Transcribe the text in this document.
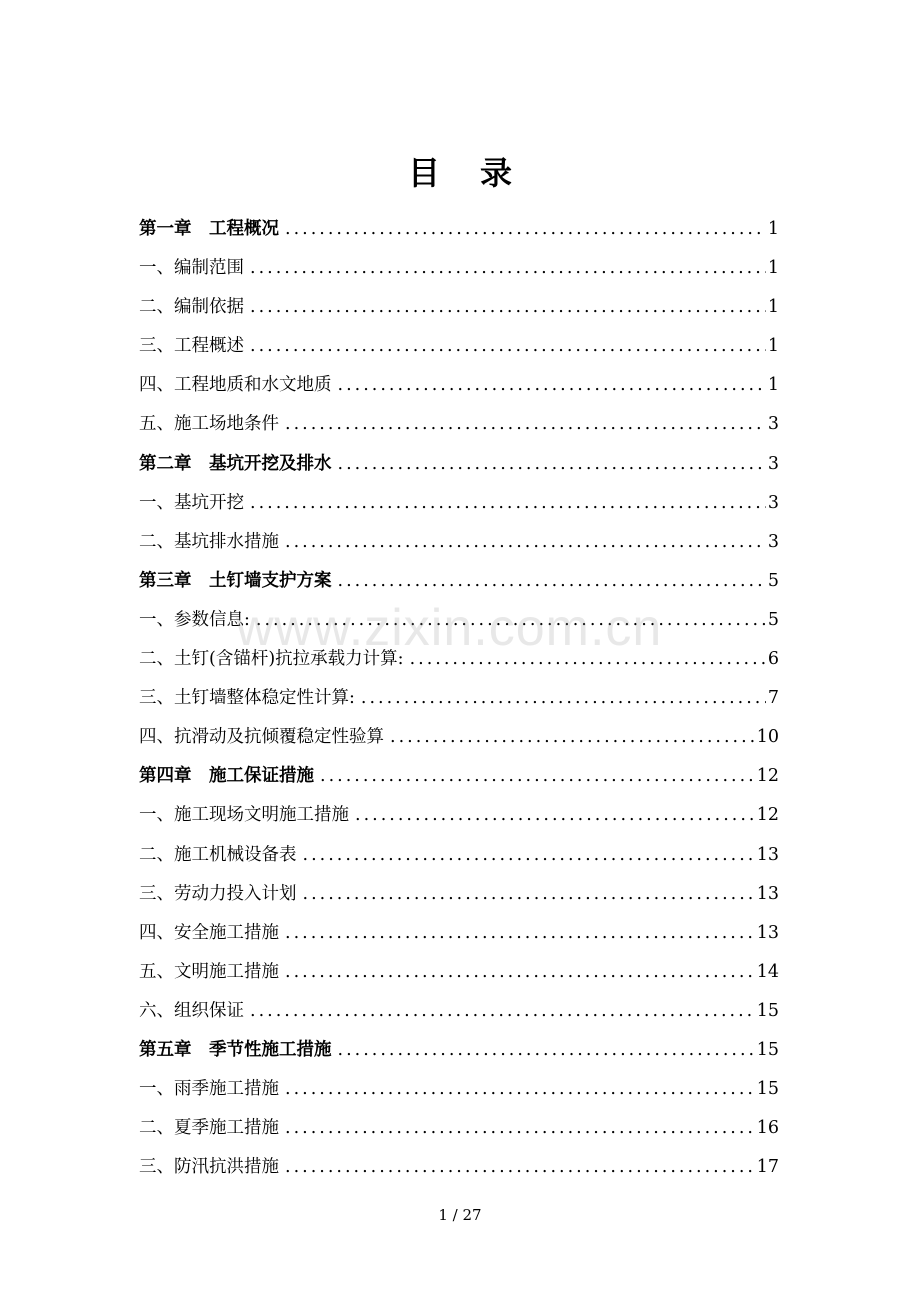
目 录
第一章　工程概况 .....	1
一、编制范围 .....	1
二、编制依据 .....	1
三、工程概述 .....	1
四、工程地质和水文地质 .....	1
五、施工场地条件 .....	3
第二章　基坑开挖及排水 .....	3
一、基坑开挖 .....	3
二、基坑排水措施 .....	3
第三章　土钉墙支护方案 .....	5
一、参数信息: .....	5
二、土钉(含锚杆)抗拉承载力计算: .....	6
三、土钉墙整体稳定性计算: .....	7
四、抗滑动及抗倾覆稳定性验算 .....	10
第四章　施工保证措施 .....	12
一、施工现场文明施工措施 .....	12
二、施工机械设备表 .....	13
三、劳动力投入计划 .....	13
四、安全施工措施 .....	13
五、文明施工措施 .....	14
六、组织保证 .....	15
第五章　季节性施工措施 .....	15
一、雨季施工措施 .....	15
二、夏季施工措施 .....	16
三、防汛抗洪措施 .....	17
www.zixin.com.cn
1 / 27
